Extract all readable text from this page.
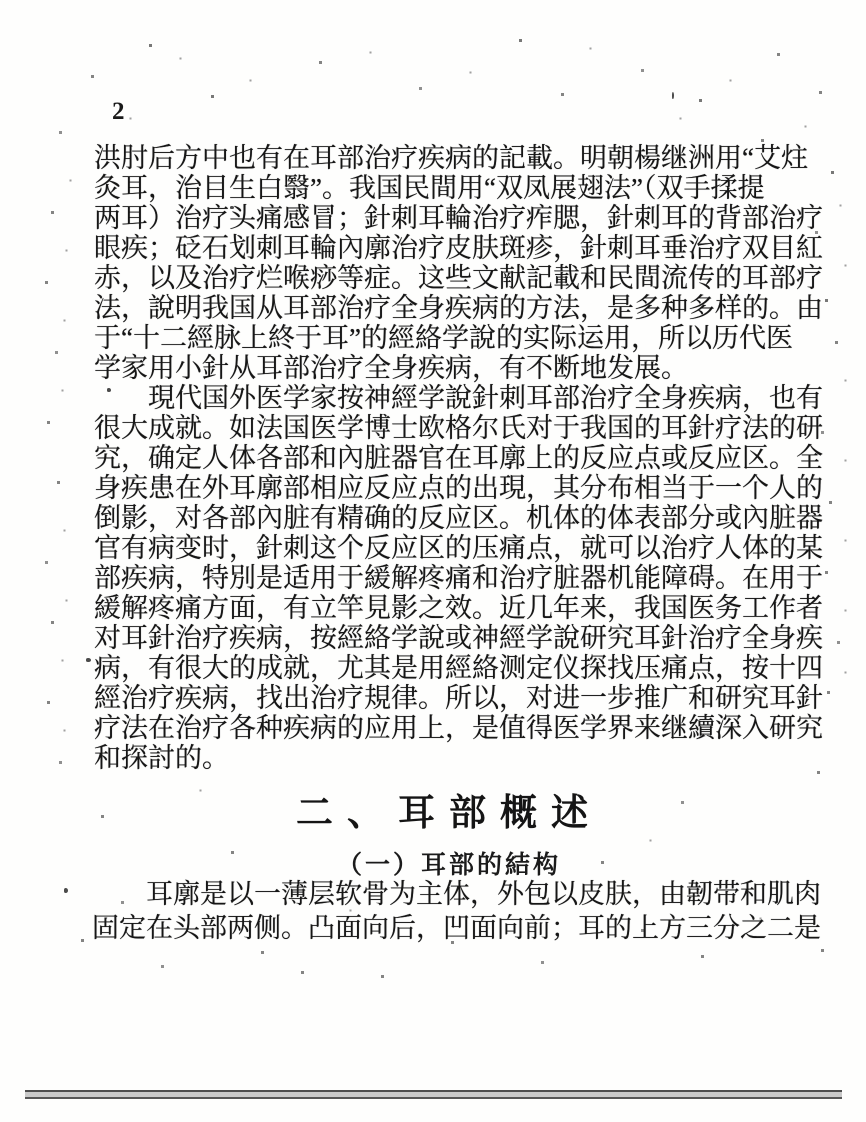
2
洪肘后方中也有在耳部治疗疾病的記載。明朝楊继洲用“艾炷
灸耳，治目生白翳”。我国民間用“双凤展翅法”（双手揉提
两耳）治疗头痛感冒；針刺耳輪治疗痄腮，針刺耳的背部治疗
眼疾；砭石划刺耳輪內廓治疗皮肤斑疹，針刺耳垂治疗双目紅
赤，以及治疗烂喉痧等症。这些文献記載和民間流传的耳部疗
法，說明我国从耳部治疗全身疾病的方法，是多种多样的。由
于“十二經脉上終于耳”的經絡学說的实际运用，所以历代医
学家用小針从耳部治疗全身疾病，有不断地发展。
現代国外医学家按神經学說針刺耳部治疗全身疾病，也有
很大成就。如法国医学博士欧格尔氏对于我国的耳針疗法的研
究，确定人体各部和內脏器官在耳廓上的反应点或反应区。全
身疾患在外耳廓部相应反应点的出現，其分布相当于一个人的
倒影，对各部內脏有精确的反应区。机体的体表部分或內脏器
官有病变时，針刺这个反应区的压痛点，就可以治疗人体的某
部疾病，特別是适用于緩解疼痛和治疗脏器机能障碍。在用于
緩解疼痛方面，有立竿見影之效。近几年来，我国医务工作者
对耳針治疗疾病，按經絡学說或神經学說研究耳針治疗全身疾
病，有很大的成就，尤其是用經絡测定仪探找压痛点，按十四
經治疗疾病，找出治疗規律。所以，对进一步推广和研究耳針
疗法在治疗各种疾病的应用上，是值得医学界来继續深入研究
和探討的。
二、耳部概述
（一）耳部的結构
耳廓是以一薄层软骨为主体，外包以皮肤，由韌带和肌肉
固定在头部两侧。凸面向后，凹面向前；耳的上方三分之二是
